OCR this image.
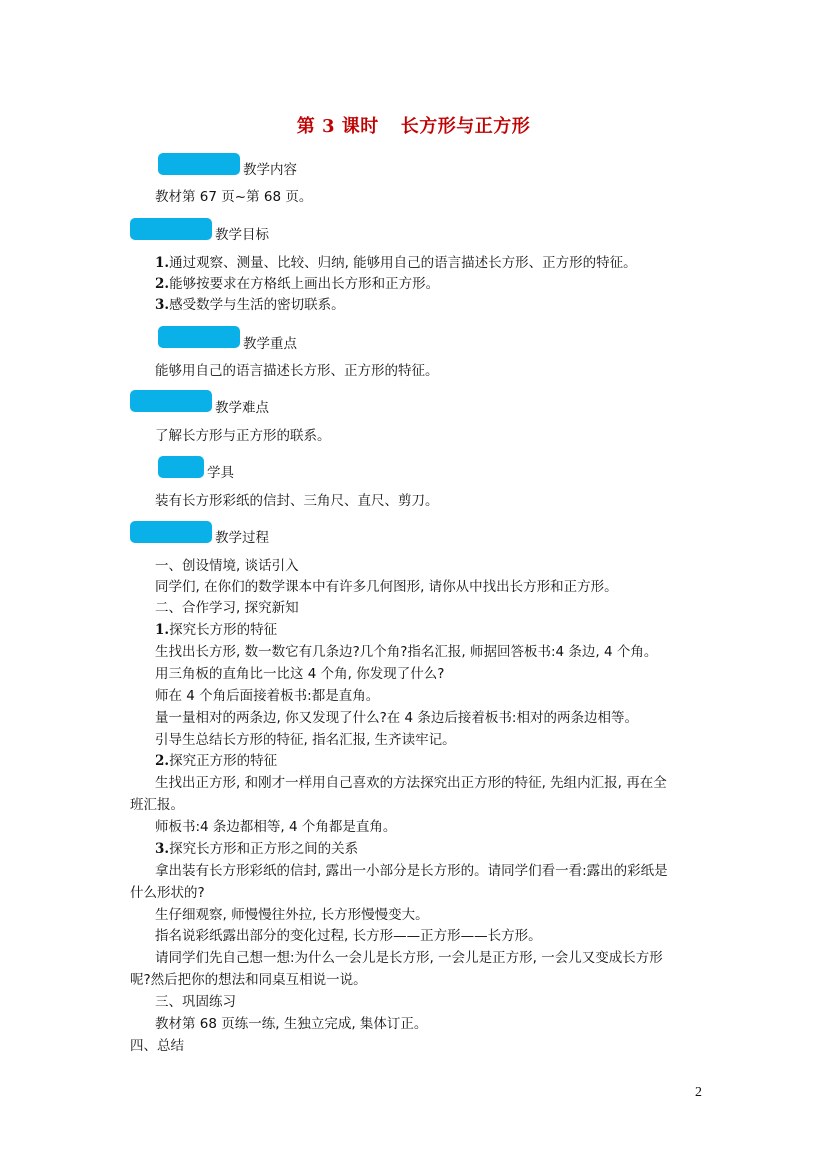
第 3 课时 长方形与正方形
教学内容
教材第 67 页~第 68 页。
教学目标
1.通过观察、测量、比较、归纳, 能够用自己的语言描述长方形、正方形的特征。
2.能够按要求在方格纸上画出长方形和正方形。
3.感受数学与生活的密切联系。
教学重点
能够用自己的语言描述长方形、正方形的特征。
教学难点
了解长方形与正方形的联系。
学具
装有长方形彩纸的信封、三角尺、直尺、剪刀。
教学过程
一、创设情境, 谈话引入
同学们, 在你们的数学课本中有许多几何图形, 请你从中找出长方形和正方形。
二、合作学习, 探究新知
1.探究长方形的特征
生找出长方形, 数一数它有几条边?几个角?指名汇报, 师据回答板书:4 条边, 4 个角。
用三角板的直角比一比这 4 个角, 你发现了什么?
师在 4 个角后面接着板书:都是直角。
量一量相对的两条边, 你又发现了什么?在 4 条边后接着板书:相对的两条边相等。
引导生总结长方形的特征, 指名汇报, 生齐读牢记。
2.探究正方形的特征
生找出正方形, 和刚才一样用自己喜欢的方法探究出正方形的特征, 先组内汇报, 再在全
班汇报。
师板书:4 条边都相等, 4 个角都是直角。
3.探究长方形和正方形之间的关系
拿出装有长方形彩纸的信封, 露出一小部分是长方形的。请同学们看一看:露出的彩纸是
什么形状的?
生仔细观察, 师慢慢往外拉, 长方形慢慢变大。
指名说彩纸露出部分的变化过程, 长方形——正方形——长方形。
请同学们先自己想一想:为什么一会儿是长方形, 一会儿是正方形, 一会儿又变成长方形
呢?然后把你的想法和同桌互相说一说。
三、巩固练习
教材第 68 页练一练, 生独立完成, 集体订正。
四、总结
2
